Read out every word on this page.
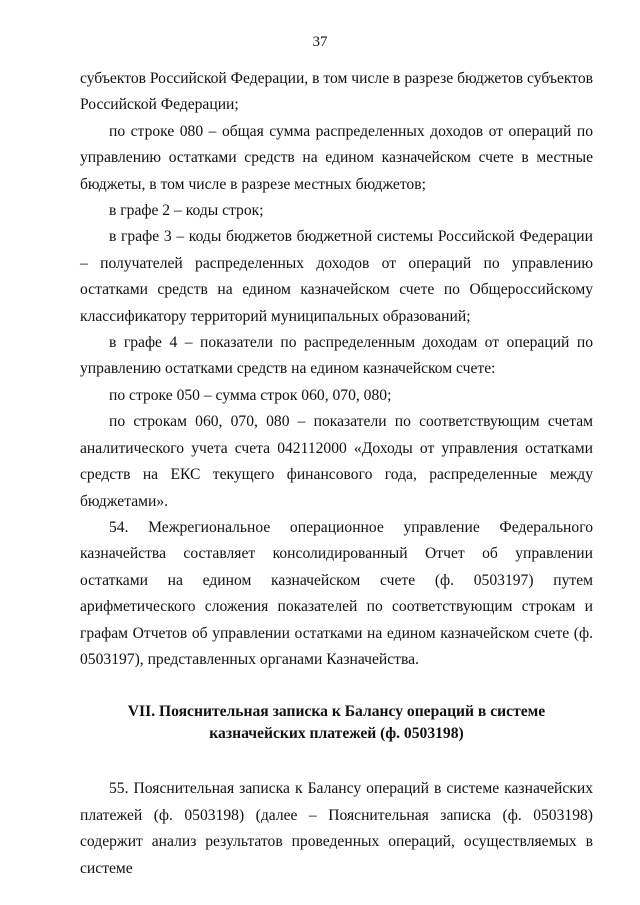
37

субъектов Российской Федерации, в том числе в разрезе бюджетов субъектов Российской Федерации;

по строке 080 – общая сумма распределенных доходов от операций по управлению остатками средств на едином казначейском счете в местные бюджеты, в том числе в разрезе местных бюджетов;

в графе 2 – коды строк;

в графе 3 – коды бюджетов бюджетной системы Российской Федерации – получателей распределенных доходов от операций по управлению остатками средств на едином казначейском счете по Общероссийскому классификатору территорий муниципальных образований;

в графе 4 – показатели по распределенным доходам от операций по управлению остатками средств на едином казначейском счете:

по строке 050 – сумма строк 060, 070, 080;

по строкам 060, 070, 080 – показатели по соответствующим счетам аналитического учета счета 042112000 «Доходы от управления остатками средств на ЕКС текущего финансового года, распределенные между бюджетами».

54. Межрегиональное операционное управление Федерального казначейства составляет консолидированный Отчет об управлении остатками на едином казначейском счете (ф. 0503197) путем арифметического сложения показателей по соответствующим строкам и графам Отчетов об управлении остатками на едином казначейском счете (ф. 0503197), представленных органами Казначейства.

VII. Пояснительная записка к Балансу операций в системе
казначейских платежей (ф. 0503198)

55. Пояснительная записка к Балансу операций в системе казначейских платежей (ф. 0503198) (далее – Пояснительная записка (ф. 0503198) содержит анализ результатов проведенных операций, осуществляемых в системе
